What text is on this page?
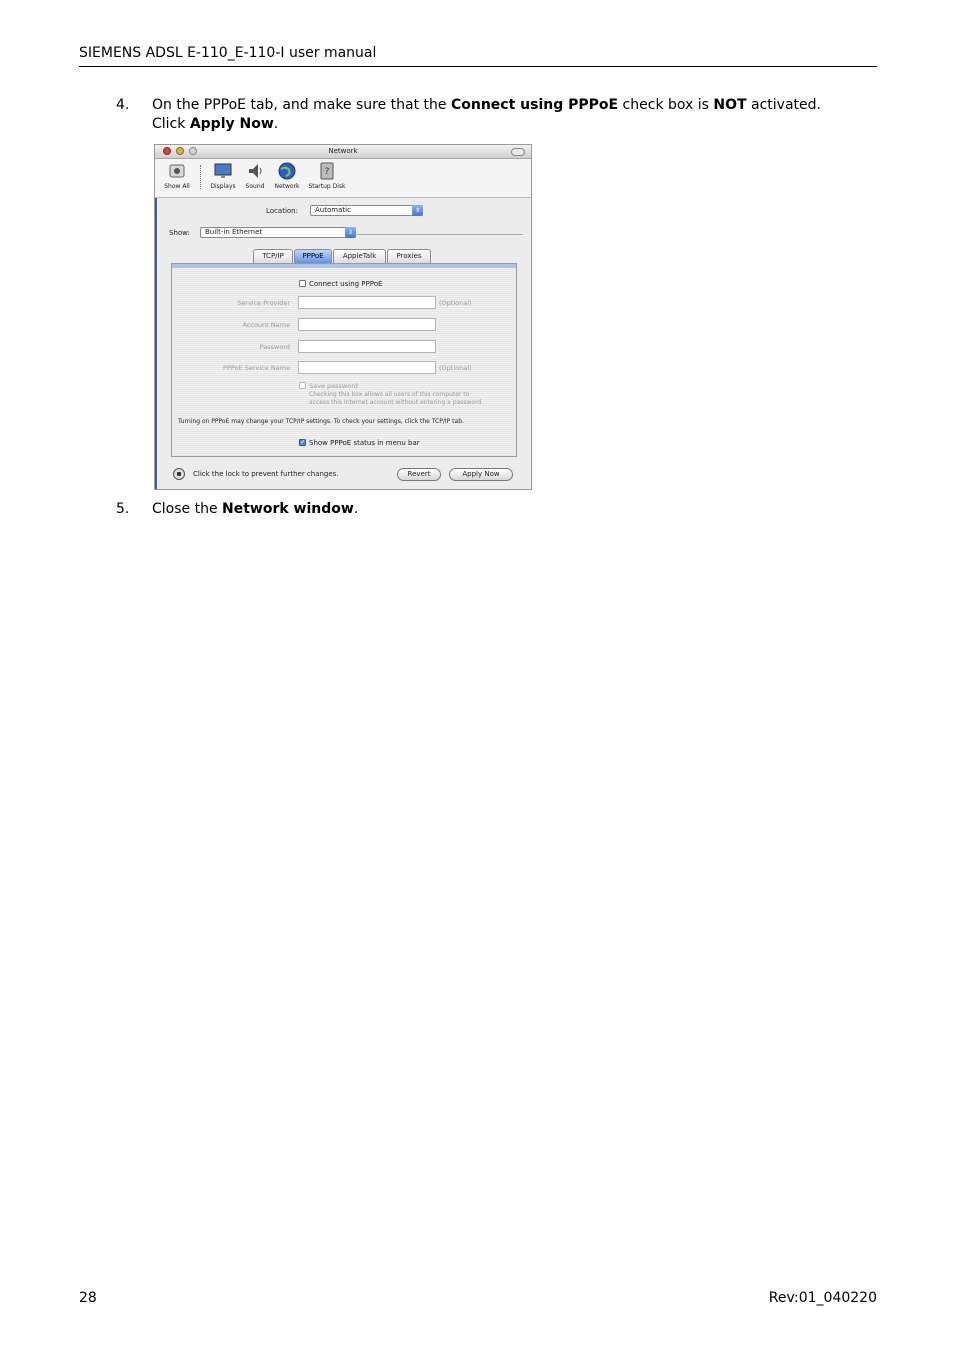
SIEMENS ADSL E-110_E-110-I user manual
4. On the PPPoE tab, and make sure that the Connect using PPPoE check box is NOT activated.
Click Apply Now.
Network
Show All	Displays	Sound	Network
?
Startup Disk
Location:	Automatic	⇕
Show:	Built-in Ethernet	⇕
TCP/IP	PPPoE	AppleTalk	Proxies
Connect using PPPoE
Service Provider	(Optional)
Account Name
Password
PPPoE Service Name	(Optional)
Save password
Checking this box allows all users of this computer to
access this Internet account without entering a password.
Turning on PPPoE may change your TCP/IP settings. To check your settings, click the TCP/IP tab.
✓ Show PPPoE status in menu bar
Click the lock to prevent further changes.	Revert	Apply Now
5. Close the Network window.
28	Rev:01_040220
